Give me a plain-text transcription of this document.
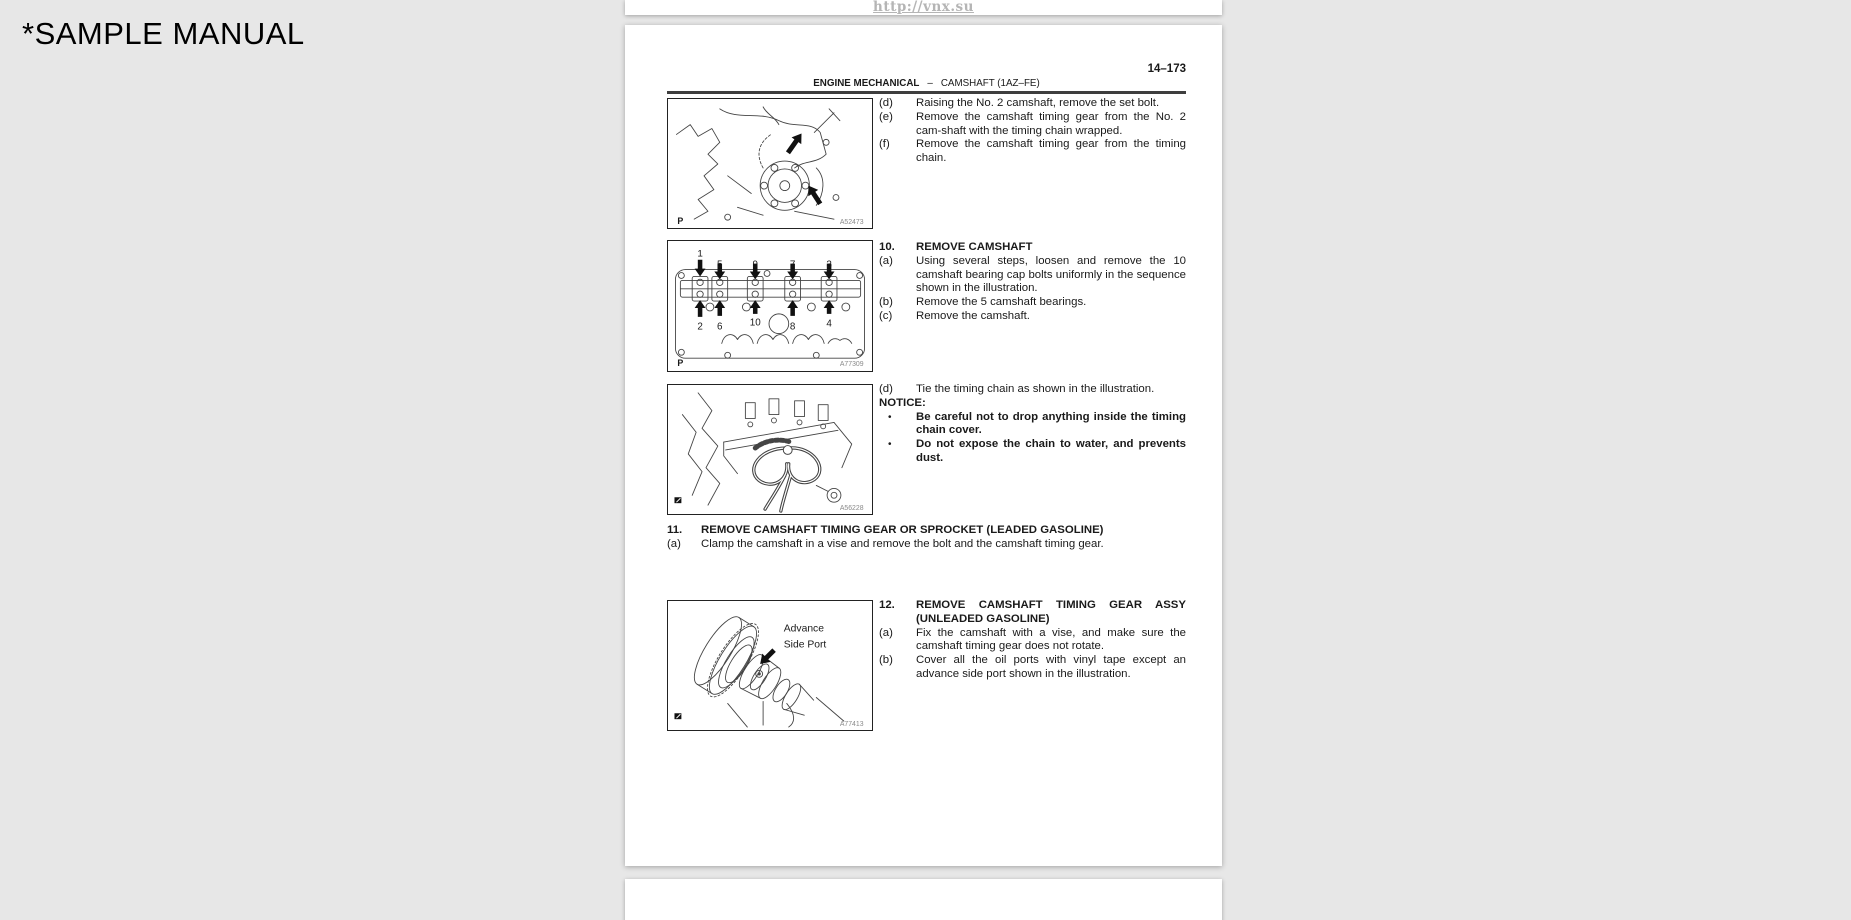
*SAMPLE MANUAL
http://vnx.su
14–173
ENGINE MECHANICAL – CAMSHAFT (1AZ–FE)
P	A52473
1
5	9	7	3
2 6	10	8	4
P	A77309
A56228
Advance
Side Port
A77413
(d)	Raising the No. 2 camshaft, remove the set bolt.
(e)	Remove the camshaft timing gear from the No. 2 cam-shaft with the timing chain wrapped.
(f)	Remove the camshaft timing gear from the timing chain.
10.	REMOVE CAMSHAFT
(a)	Using several steps, loosen and remove the 10 camshaft bearing cap bolts uniformly in the sequence shown in the illustration.
(b)	Remove the 5 camshaft bearings.
(c)	Remove the camshaft.
(d)	Tie the timing chain as shown in the illustration.
NOTICE:
•	Be careful not to drop anything inside the timing chain cover.
•	Do not expose the chain to water, and prevents dust.
11.	REMOVE CAMSHAFT TIMING GEAR OR SPROCKET (LEADED GASOLINE)
(a)	Clamp the camshaft in a vise and remove the bolt and the camshaft timing gear.
12.	REMOVE CAMSHAFT TIMING GEAR ASSY (UNLEADED GASOLINE)
(a)	Fix the camshaft with a vise, and make sure the camshaft timing gear does not rotate.
(b)	Cover all the oil ports with vinyl tape except an advance side port shown in the illustration.
